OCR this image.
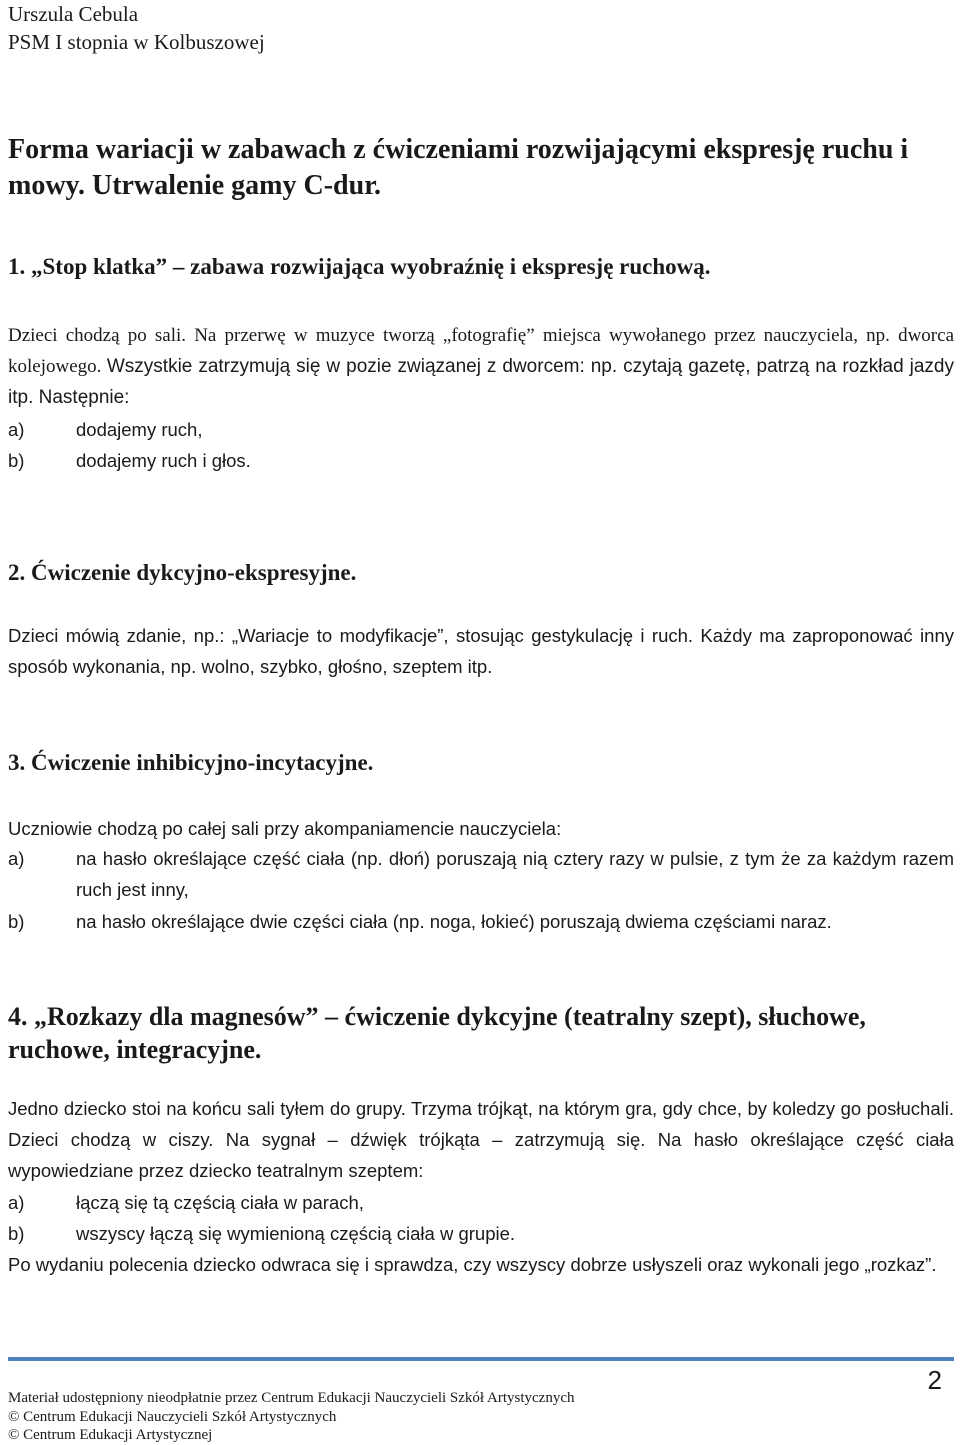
Urszula Cebula
PSM I stopnia w Kolbuszowej
Forma wariacji w zabawach z ćwiczeniami rozwijającymi ekspresję ruchu i mowy. Utrwalenie gamy C-dur.
1. „Stop klatka” – zabawa rozwijająca wyobraźnię i ekspresję ruchową.
Dzieci chodzą po sali. Na przerwę w muzyce tworzą „fotografię” miejsca wywołanego przez nauczyciela, np. dworca kolejowego. Wszystkie zatrzymują się w pozie związanej z dworcem: np. czytają gazetę, patrzą na rozkład jazdy itp. Następnie:
a)	dodajemy ruch,
b)	dodajemy ruch i głos.
2. Ćwiczenie dykcyjno-ekspresyjne.
Dzieci mówią zdanie, np.: „Wariacje to modyfikacje”, stosując gestykulację i ruch. Każdy ma zaproponować inny sposób wykonania, np. wolno, szybko, głośno, szeptem itp.
3. Ćwiczenie inhibicyjno-incytacyjne.
Uczniowie chodzą po całej sali przy akompaniamencie nauczyciela:
a)	na hasło określające część ciała (np. dłoń) poruszają nią cztery razy w pulsie, z tym że za każdym razem ruch jest inny,
b)	na hasło określające dwie części ciała (np. noga, łokieć) poruszają dwiema częściami naraz.
4. „Rozkazy dla magnesów” – ćwiczenie dykcyjne (teatralny szept), słuchowe, ruchowe, integracyjne.
Jedno dziecko stoi na końcu sali tyłem do grupy. Trzyma trójkąt, na którym gra, gdy chce, by koledzy go posłuchali. Dzieci chodzą w ciszy. Na sygnał – dźwięk trójkąta – zatrzymują się. Na hasło określające część ciała wypowiedziane przez dziecko teatralnym szeptem:
a)	łączą się tą częścią ciała w parach,
b)	wszyscy łączą się wymienioną częścią ciała w grupie.
Po wydaniu polecenia dziecko odwraca się i sprawdza, czy wszyscy dobrze usłyszeli oraz wykonali jego „rozkaz”.
2
Materiał udostępniony nieodpłatnie przez Centrum Edukacji Nauczycieli Szkół Artystycznych
© Centrum Edukacji Nauczycieli Szkół Artystycznych
© Centrum Edukacji Artystycznej
